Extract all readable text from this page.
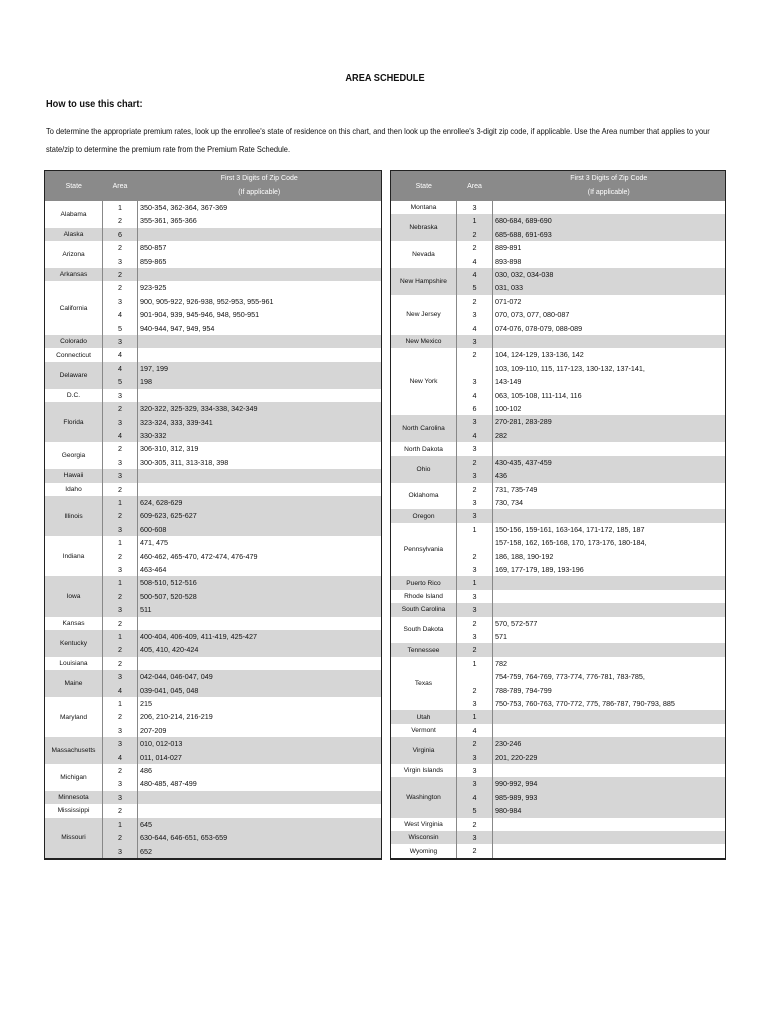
AREA SCHEDULE
How to use this chart:
To determine the appropriate premium rates, look up the enrollee's state of residence on this chart, and then look up the enrollee's 3-digit zip code, if applicable. Use the Area number that applies to your state/zip to determine the premium rate from the Premium Rate Schedule.
State	Area	First 3 Digits of Zip Code
(If applicable)

Alabama	1	350-354, 362-364, 367-369
	2	355-361, 365-366
Alaska	6	
Arizona	2	850-857
	3	859-865
Arkansas	2	
California	2	923-925
	3	900, 905-922, 926-938, 952-953, 955-961
	4	901-904, 939, 945-946, 948, 950-951
	5	940-944, 947, 949, 954
Colorado	3	
Connecticut	4	
Delaware	4	197, 199
	5	198
D.C.	3	
Florida	2	320-322, 325-329, 334-338, 342-349
	3	323-324, 333, 339-341
	4	330-332
Georgia	2	306-310, 312, 319
	3	300-305, 311, 313-318, 398
Hawaii	3	
Idaho	2	
Illinois	1	624, 628-629
	2	609-623, 625-627
	3	600-608
Indiana	1	471, 475
	2	460-462, 465-470, 472-474, 476-479
	3	463-464
Iowa	1	508-510, 512-516
	2	500-507, 520-528
	3	511
Kansas	2	
Kentucky	1	400-404, 406-409, 411-419, 425-427
	2	405, 410, 420-424
Louisiana	2	
Maine	3	042-044, 046-047, 049
	4	039-041, 045, 048
Maryland	1	215
	2	206, 210-214, 216-219
	3	207-209
Massachusetts	3	010, 012-013
	4	011, 014-027
Michigan	2	486
	3	480-485, 487-499
Minnesota	3	
Mississippi	2	
Missouri	1	645
	2	630-644, 646-651, 653-659
	3	652
State	Area	First 3 Digits of Zip Code
(If applicable)

Montana	3	
Nebraska	1	680-684, 689-690
	2	685-688, 691-693
Nevada	2	889-891
	4	893-898
New Hampshire	4	030, 032, 034-038
	5	031, 033
New Jersey	2	071-072
	3	070, 073, 077, 080-087
	4	074-076, 078-079, 088-089
New Mexico	3	
New York	2	104, 124-129, 133-136, 142
	3	103, 109-110, 115, 117-123, 130-132, 137-141,
143-149

	4	063, 105-108, 111-114, 116
	6	100-102
North Carolina	3	270-281, 283-289
	4	282
North Dakota	3	
Ohio	2	430-435, 437-459
	3	436
Oklahoma	2	731, 735-749
	3	730, 734
Oregon	3	
Pennsylvania	1	150-156, 159-161, 163-164, 171-172, 185, 187
	2	157-158, 162, 165-168, 170, 173-176, 180-184,
186, 188, 190-192

	3	169, 177-179, 189, 193-196
Puerto Rico	1	
Rhode Island	3	
South Carolina	3	
South Dakota	2	570, 572-577
	3	571
Tennessee	2	
Texas	1	782
	2	754-759, 764-769, 773-774, 776-781, 783-785,
788-789, 794-799

	3	750-753, 760-763, 770-772, 775, 786-787, 790-793, 885
Utah	1	
Vermont	4	
Virginia	2	230-246
	3	201, 220-229
Virgin Islands	3	
Washington	3	990-992, 994
	4	985-989, 993
	5	980-984
West Virginia	2	
Wisconsin	3	
Wyoming	2	
